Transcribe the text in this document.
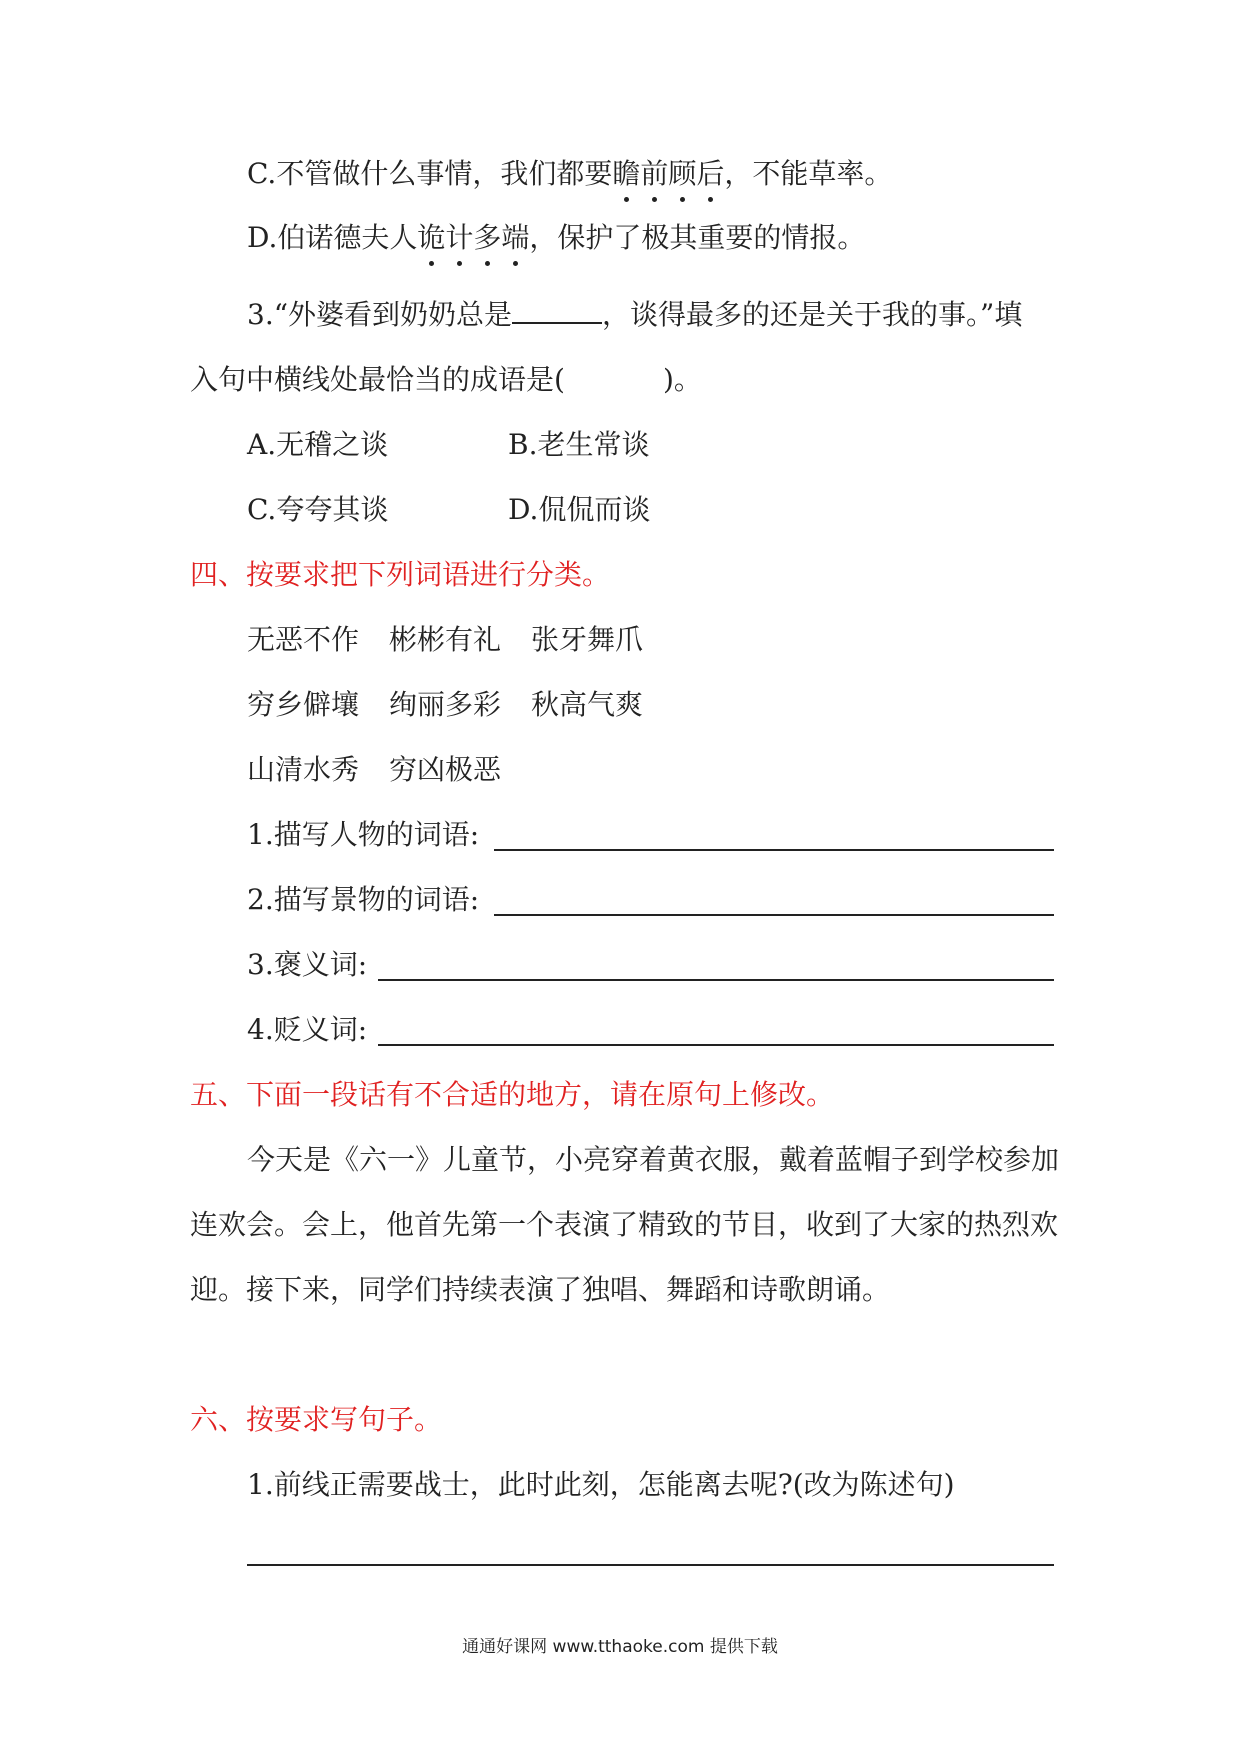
C.不管做什么事情，我们都要瞻前顾后，不能草率。
D.伯诺德夫人诡计多端，保护了极其重要的情报。
3.“外婆看到奶奶总是	，谈得最多的还是关于我的事。”填
入句中横线处最恰当的成语是(	)。
A.无稽之谈	B.老生常谈
C.夸夸其谈	D.侃侃而谈
四、按要求把下列词语进行分类。
无恶不作 彬彬有礼 张牙舞爪
穷乡僻壤 绚丽多彩 秋高气爽
山清水秀 穷凶极恶
1.描写人物的词语:
2.描写景物的词语:
3.褒义词:
4.贬义词:
五、下面一段话有不合适的地方，请在原句上修改。
今天是《六一》儿童节，小亮穿着黄衣服，戴着蓝帽子到学校参加
连欢会。会上，他首先第一个表演了精致的节目，收到了大家的热烈欢
迎。接下来，同学们持续表演了独唱、舞蹈和诗歌朗诵。
六、按要求写句子。
1.前线正需要战士，此时此刻，怎能离去呢?(改为陈述句)
通通好课网 www.tthaoke.com 提供下载
